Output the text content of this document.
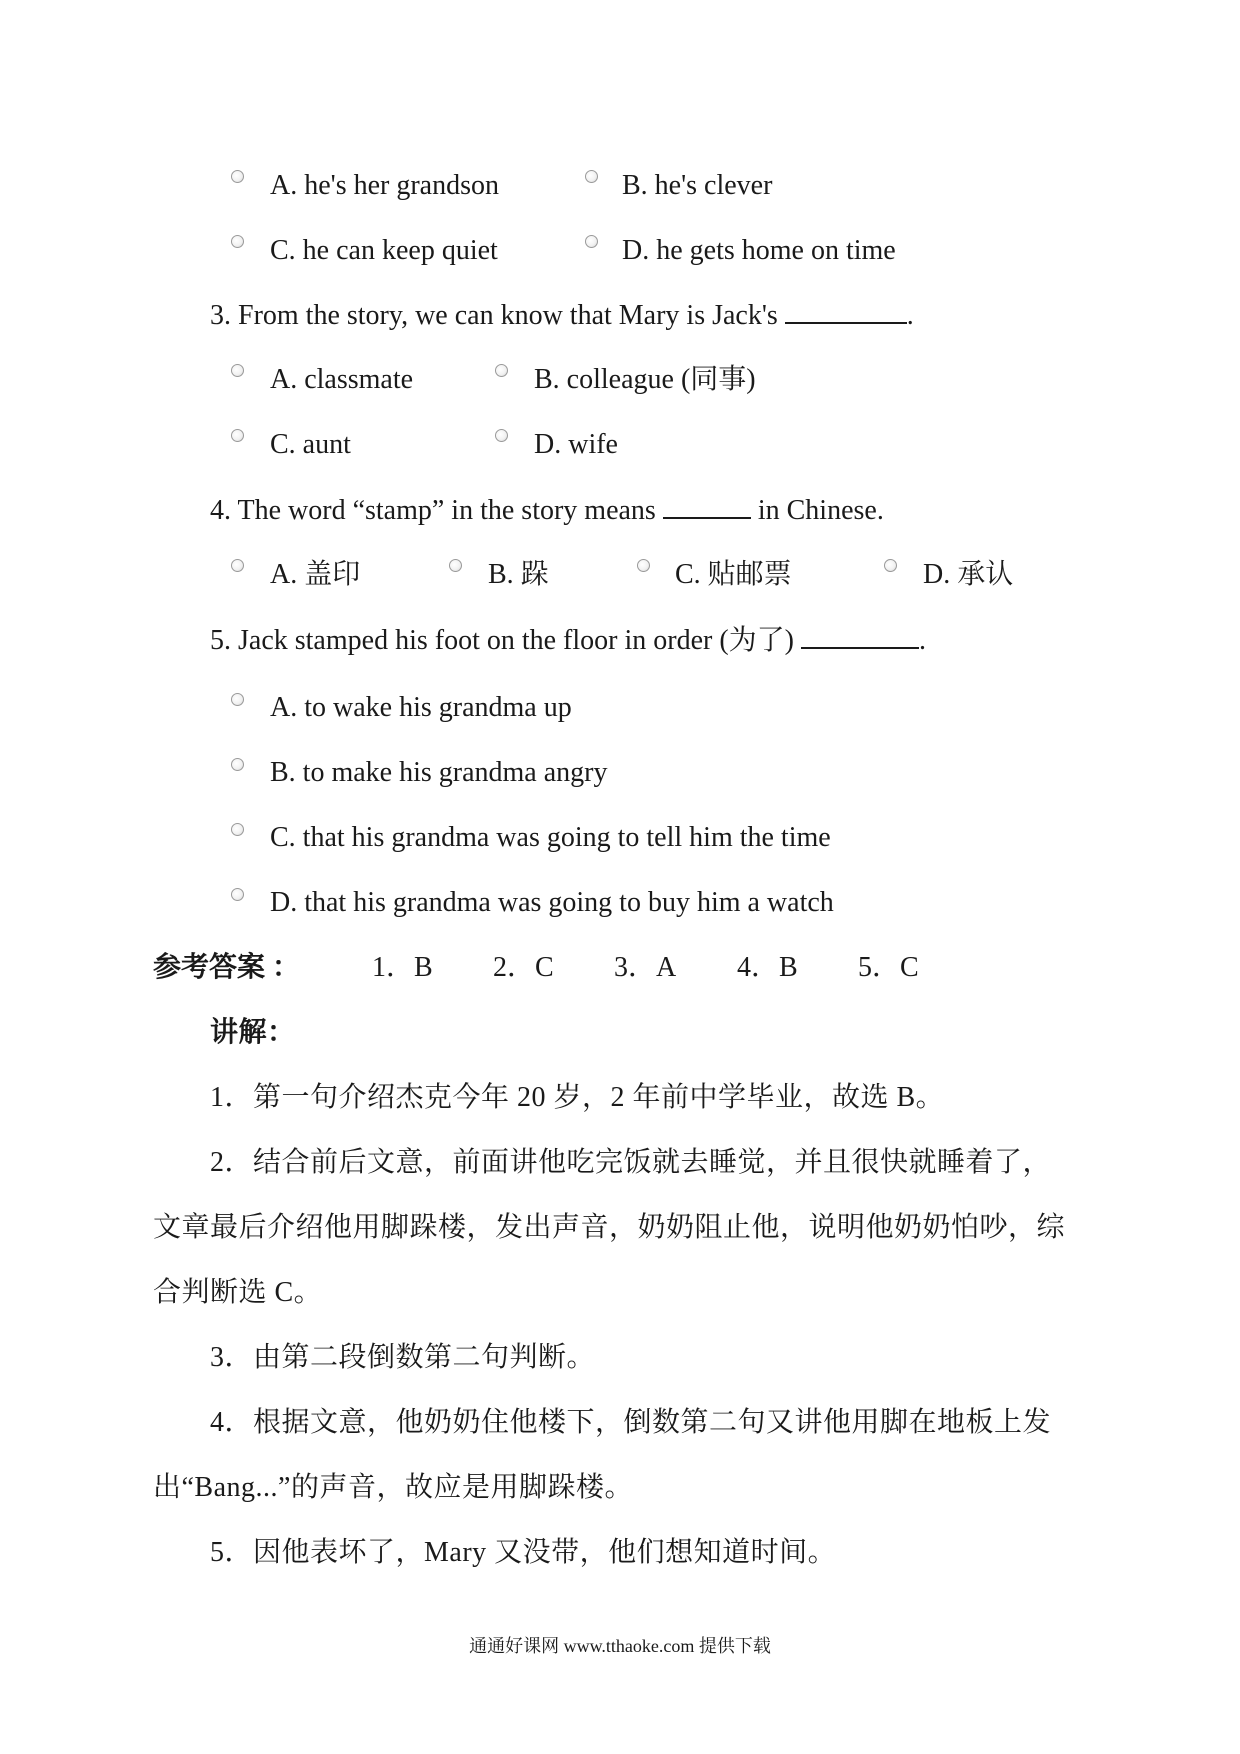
A. he's her grandson	B. he's clever
C. he can keep quiet	D. he gets home on time
3. From the story, we can know that Mary is Jack's	.
A. classmate	B. colleague (同事)
C. aunt	D. wife
4. The word “stamp” in the story means	in Chinese.
A. 盖印	B. 跺	C. 贴邮票	D. 承认
5. Jack stamped his foot on the floor in order (为了)	.
A. to wake his grandma up
B. to make his grandma angry
C. that his grandma was going to tell him the time
D. that his grandma was going to buy him a watch
参考答案 ：	1．B 2．C 3．A 4．B 5．C
讲解：
1．第一句介绍杰克今年 20 岁，2 年前中学毕业，故选 B。
2．结合前后文意，前面讲他吃完饭就去睡觉，并且很快就睡着了，
文章最后介绍他用脚跺楼，发出声音，奶奶阻止他，说明他奶奶怕吵，综
合判断选 C。
3．由第二段倒数第二句判断。
4．根据文意，他奶奶住他楼下，倒数第二句又讲他用脚在地板上发
出“Bang...”的声音，故应是用脚跺楼。
5．因他表坏了，Mary 又没带，他们想知道时间。
通通好课网 www.tthaoke.com 提供下载
